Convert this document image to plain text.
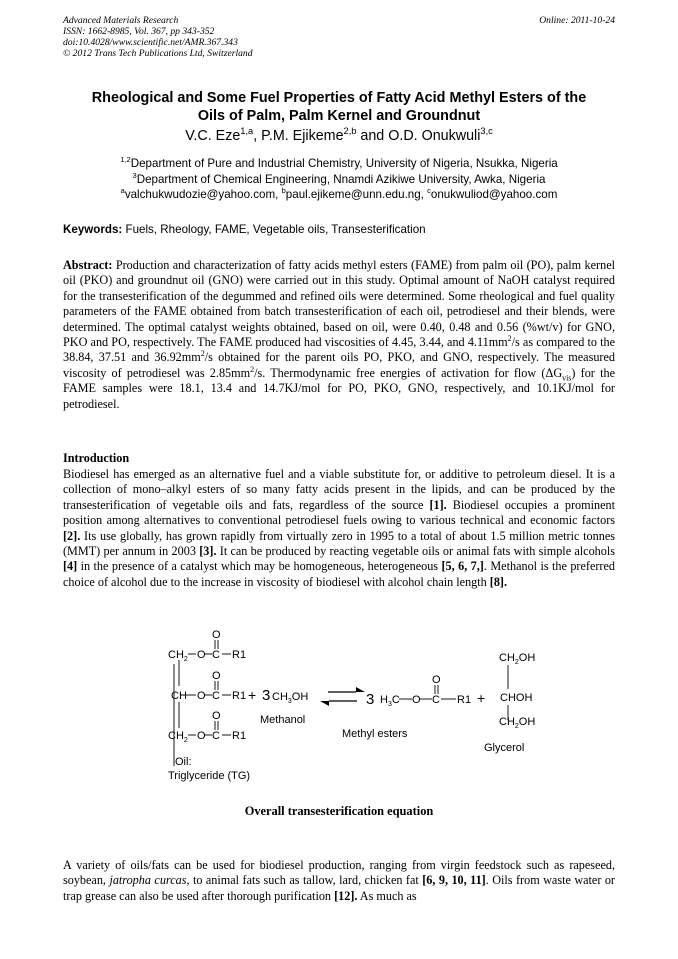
Advanced Materials Research
ISSN: 1662-8985, Vol. 367, pp 343-352
doi:10.4028/www.scientific.net/AMR.367.343
© 2012 Trans Tech Publications Ltd, Switzerland
Online: 2011-10-24
Rheological and Some Fuel Properties of Fatty Acid Methyl Esters of the
Oils of Palm, Palm Kernel and Groundnut
V.C. Eze$^{1,a}$, P.M. Ejikeme$^{2,b}$ and O.D. Onukwuli$^{3,c}$
$^{1,2}$Department of Pure and Industrial Chemistry, University of Nigeria, Nsukka, Nigeria
$^3$Department of Chemical Engineering, Nnamdi Azikiwe University, Awka, Nigeria
$^a$valchukwudozie@yahoo.com, $^b$paul.ejikeme@unn.edu.ng, $^c$onukwuliod@yahoo.com
Keywords: Fuels, Rheology, FAME, Vegetable oils, Transesterification
Abstract: Production and characterization of fatty acids methyl esters (FAME) from palm oil (PO), palm kernel oil (PKO) and groundnut oil (GNO) were carried out in this study. Optimal amount of NaOH catalyst required for the transesterification of the degummed and refined oils were determined. Some rheological and fuel quality parameters of the FAME obtained from batch transesterification of each oil, petrodiesel and their blends, were determined. The optimal catalyst weights obtained, based on oil, were 0.40, 0.48 and 0.56 (%wt/v) for GNO, PKO and PO, respectively. The FAME produced had viscosities of 4.45, 3.44, and $4.11mm^2/s$ as compared to the 38.84, 37.51 and $36.92mm^2/s$ obtained for the parent oils PO, PKO, and GNO, respectively. The measured viscosity of petrodiesel was $2.85mm^2/s$. Thermodynamic free energies of activation for flow $(\Delta G_{vis})$ for the FAME samples were 18.1, 13.4 and 14.7KJ/mol for PO, PKO, GNO, respectively, and 10.1KJ/mol for petrodiesel.
Introduction
Biodiesel has emerged as an alternative fuel and a viable substitute for, or additive to petroleum diesel. It is a collection of mono–alkyl esters of so many fatty acids present in the lipids, and can be produced by the transesterification of vegetable oils and fats, regardless of the source [1]. Biodiesel occupies a prominent position among alternatives to conventional petrodiesel fuels owing to various technical and economic factors [2]. Its use globally, has grown rapidly from virtually zero in 1995 to a total of about 1.5 million metric tonnes (MMT) per annum in 2003 [3]. It can be produced by reacting vegetable oils or animal fats with simple alcohols [4] in the presence of a catalyst which may be homogeneous, heterogeneous [5, 6, 7,]. Methanol is the preferred choice of alcohol due to the increase in viscosity of biodiesel with alcohol chain length [8].
$CH_2$ O C
O
R1
CH O C
O
R1
$CH_2$ O C
O
R1
Oil:
Triglyceride (TG)
+ 3 $CH_3OH$
Methanol
3 $H_3C$ O C
O
R1
Methyl esters
+
$CH_2OH$
CHOH
$CH_2OH$
Glycerol
Overall transesterification equation
A variety of oils/fats can be used for biodiesel production, ranging from virgin feedstock such as rapeseed, soybean, jatropha curcas, to animal fats such as tallow, lard, chicken fat [6, 9, 10, 11]. Oils from waste water or trap grease can also be used after thorough purification [12]. As much as
